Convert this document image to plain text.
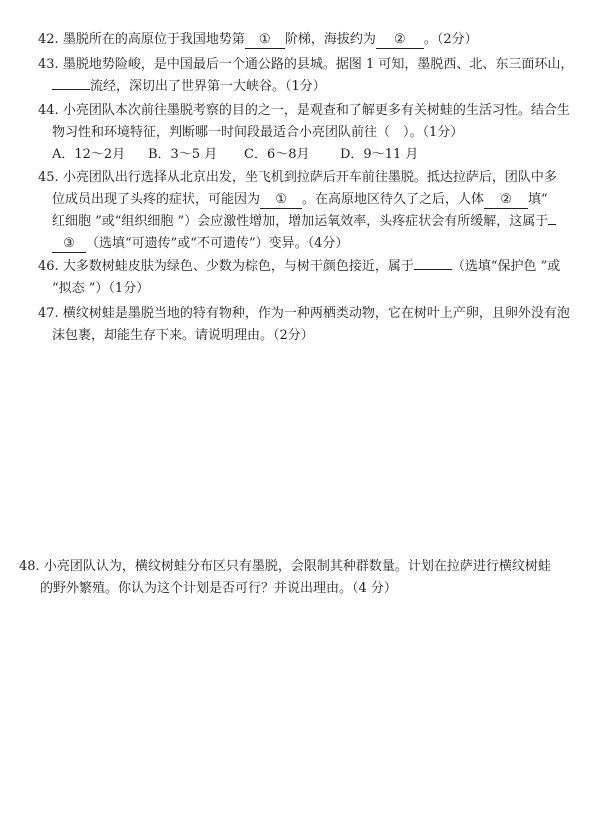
42. 墨脱所在的高原位于我国地势第 ① 阶梯，海拔约为 ② 。（2分）
43. 墨脱地势险峻，是中国最后一个通公路的县城。据图 1 可知，墨脱西、北、东三面环山，
流经，深切出了世界第一大峡谷。（1分）
44. 小亮团队本次前往墨脱考察的目的之一，是观查和了解更多有关树蛙的生活习性。结合生
物习性和环境特征，判断哪一时间段最适合小亮团队前往（　）。（1分）
A．12～2月 B．3～5 月 C．6～8月 D．9～11 月
45. 小亮团队出行选择从北京出发，坐飞机到拉萨后开车前往墨脱。抵达拉萨后，团队中多
位成员出现了头疼的症状，可能因为 ① 。在高原地区待久了之后，人体 ② 填“
红细胞 ”或“组织细胞 ”）会应激性增加，增加运氧效率，头疼症状会有所缓解，这属于
③ （选填“可遗传”或“不可遗传”）变异。（4分）
46. 大多数树蛙皮肤为绿色、少数为棕色，与树干颜色接近，属于	（选填“保护色 ”或
“拟态 ”）（1分）
47. 横纹树蛙是墨脱当地的特有物种，作为一种两栖类动物，它在树叶上产卵，且卵外没有泡
沫包裹，却能生存下来。请说明理由。（2分）
48. 小亮团队认为，横纹树蛙分布区只有墨脱，会限制其种群数量。计划在拉萨进行横纹树蛙
的野外繁殖。你认为这个计划是否可行？并说出理由。（4 分）
